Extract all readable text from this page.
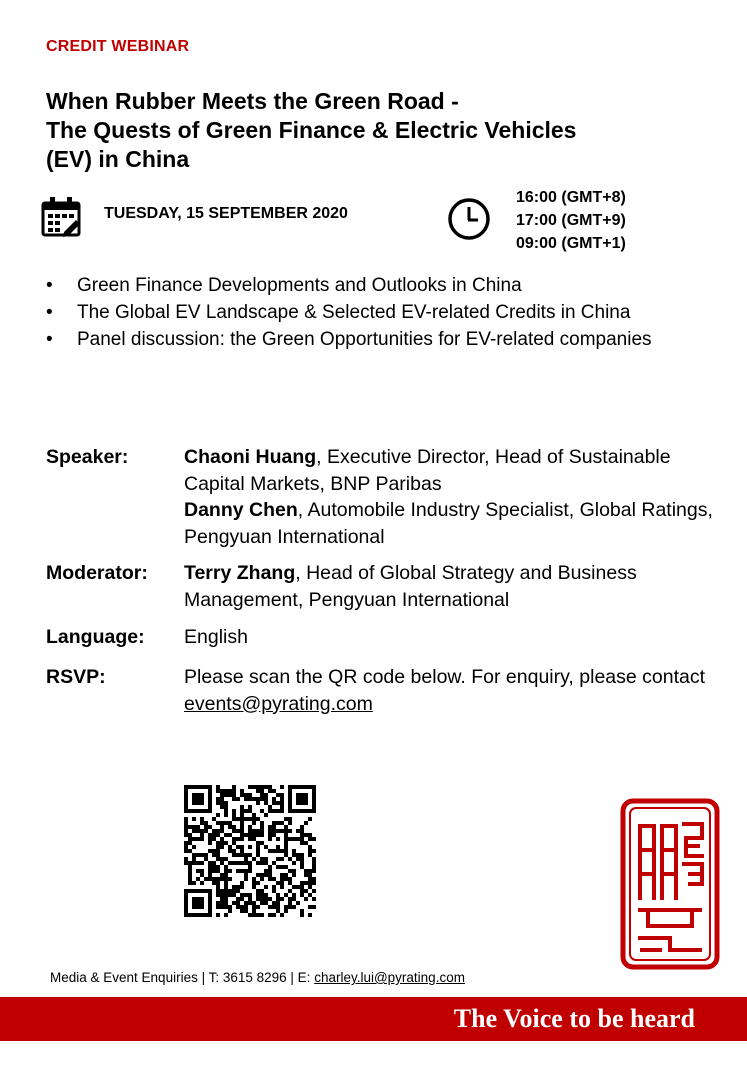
CREDIT WEBINAR
When Rubber Meets the Green Road -
The Quests of Green Finance & Electric Vehicles
(EV) in China
TUESDAY, 15 SEPTEMBER 2020
16:00 (GMT+8)
17:00 (GMT+9)
09:00 (GMT+1)
• Green Finance Developments and Outlooks in China
• The Global EV Landscape & Selected EV-related Credits in China
• Panel discussion: the Green Opportunities for EV-related companies
Speaker:	Chaoni Huang, Executive Director, Head of Sustainable Capital Markets, BNP Paribas
Danny Chen, Automobile Industry Specialist, Global Ratings, Pengyuan International
Moderator: Terry Zhang, Head of Global Strategy and Business Management, Pengyuan International
Language: English
RSVP:	Please scan the QR code below. For enquiry, please contact events@pyrating.com
Media & Event Enquiries | T: 3615 8296 | E: charley.lui@pyrating.com
The Voice to be heard
